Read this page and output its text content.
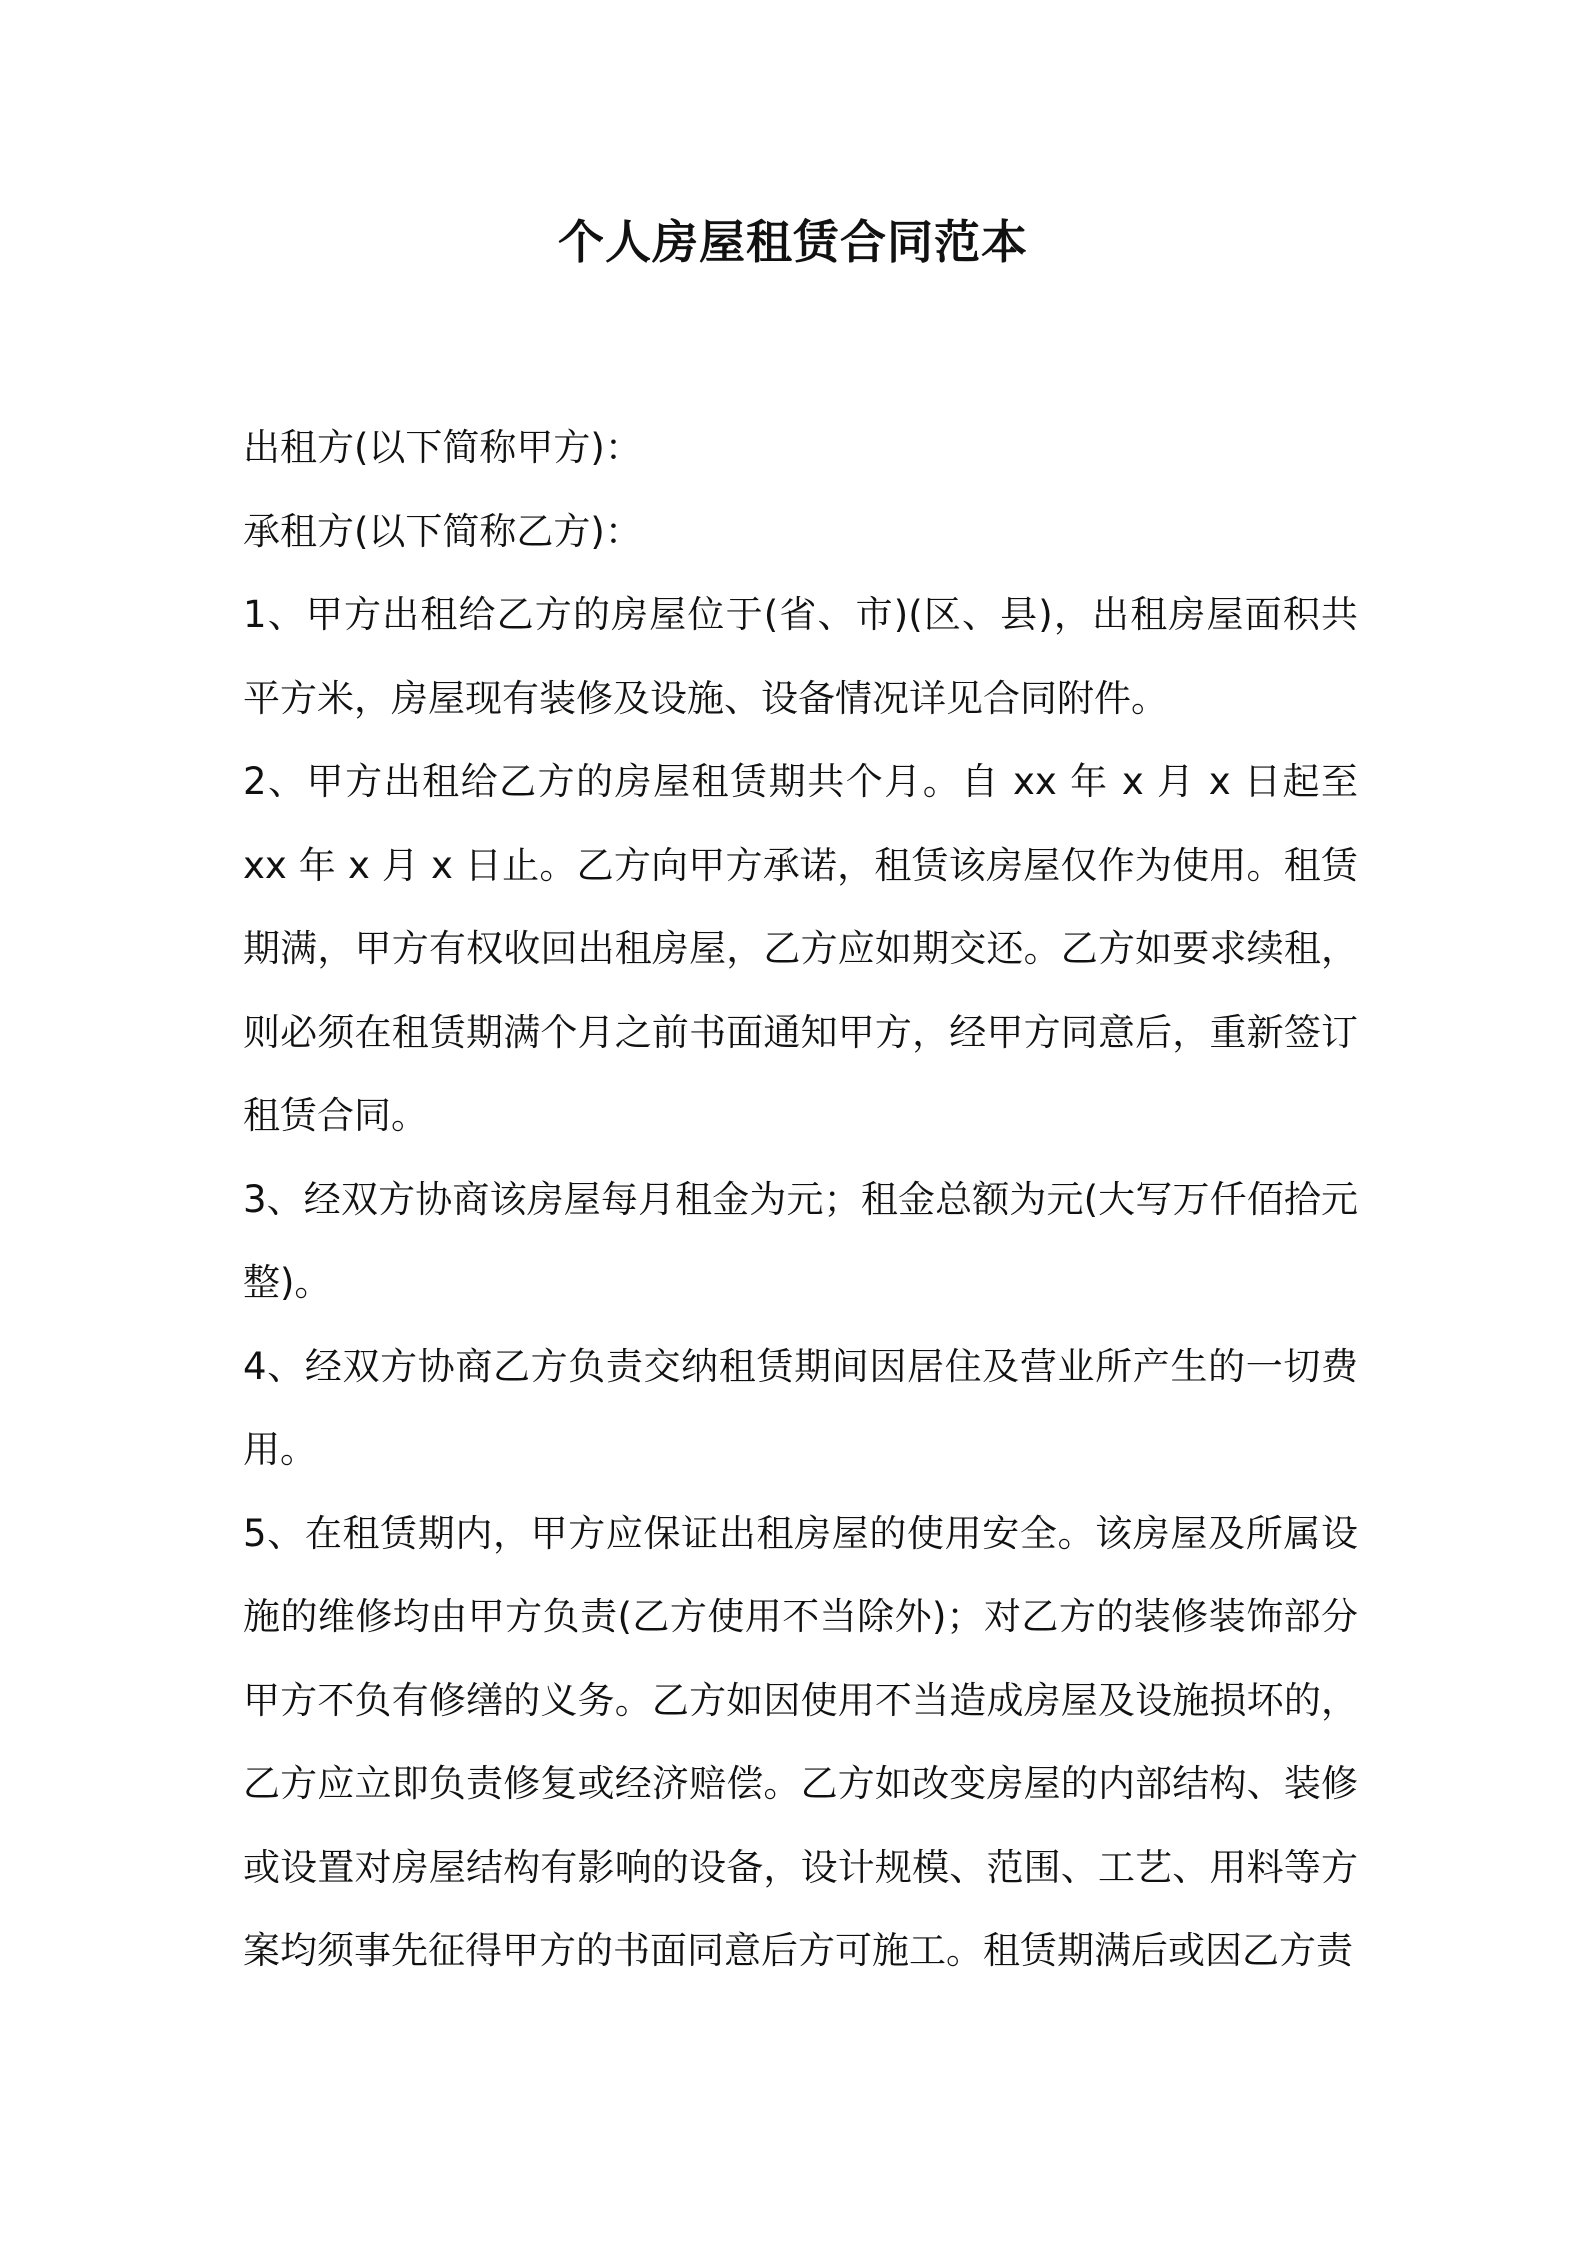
个人房屋租赁合同范本

出租方(以下简称甲方)：

承租方(以下简称乙方)：

1、甲方出租给乙方的房屋位于(省、市)(区、县)，出租房屋面积共平方米，房屋现有装修及设施、设备情况详见合同附件。

2、甲方出租给乙方的房屋租赁期共个月。自 xx 年 x 月 x 日起至 xx 年 x 月 x 日止。乙方向甲方承诺，租赁该房屋仅作为使用。租赁期满，甲方有权收回出租房屋，乙方应如期交还。乙方如要求续租，则必须在租赁期满个月之前书面通知甲方，经甲方同意后，重新签订租赁合同。

3、经双方协商该房屋每月租金为元；租金总额为元(大写万仟佰拾元整)。

4、经双方协商乙方负责交纳租赁期间因居住及营业所产生的一切费用。

5、在租赁期内，甲方应保证出租房屋的使用安全。该房屋及所属设施的维修均由甲方负责(乙方使用不当除外)；对乙方的装修装饰部分甲方不负有修缮的义务。乙方如因使用不当造成房屋及设施损坏的，乙方应立即负责修复或经济赔偿。乙方如改变房屋的内部结构、装修或设置对房屋结构有影响的设备，设计规模、范围、工艺、用料等方案均须事先征得甲方的书面同意后方可施工。租赁期满后或因乙方责
